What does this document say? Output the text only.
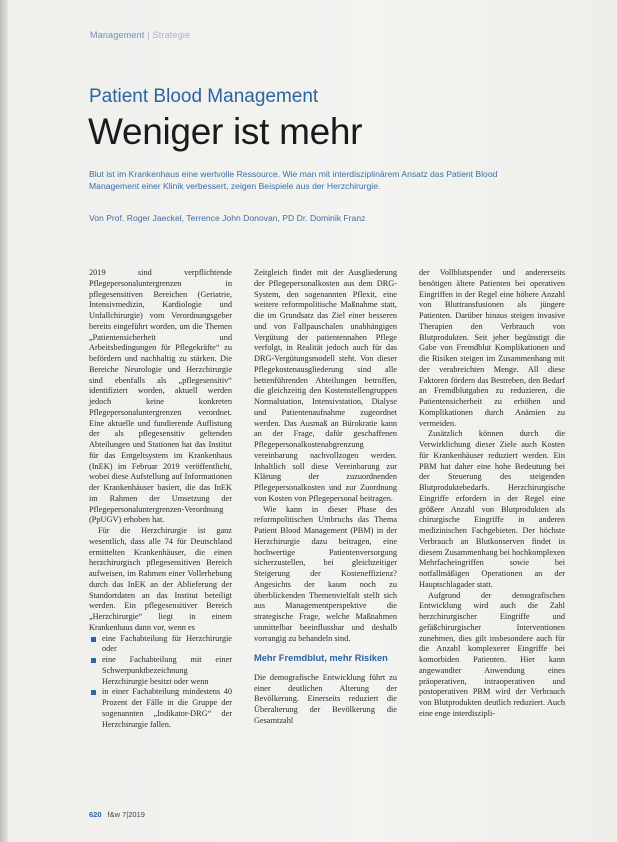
Management | Strategie
Patient Blood Management
Weniger ist mehr
Blut ist im Krankenhaus eine wertvolle Ressource. Wie man mit interdisziplinärem Ansatz das Patient Blood Management einer Klinik verbessert, zeigen Beispiele aus der Herzchirurgie.
Von Prof. Roger Jaeckel, Terrence John Donovan, PD Dr. Dominik Franz

2019 sind verpflichtende Pflegepersonaluntergrenzen in pflegesensitiven Bereichen (Geriatrie, Intensivmedizin, Kardiologie und Unfallchirurgie) vom Verordnungsgeber bereits eingeführt worden, um die Themen „Patientensicherheit und Arbeitsbedingungen für Pflegekräfte“ zu befördern und nachhaltig zu stärken. Die Bereiche Neurologie und Herzchirurgie sind ebenfalls als „pflegesensitiv“ identifiziert worden, aktuell werden jedoch keine konkreten Pflegepersonaluntergrenzen verordnet. Eine aktuelle und fundierende Auflistung der als pflegesensitiv geltenden Abteilungen und Stationen hat das Institut für das Entgeltsystem im Krankenhaus (InEK) im Februar 2019 veröffentlicht, wobei diese Aufstellung auf Informationen der Krankenhäuser basiert, die das InEK im Rahmen der Umsetzung der Pflegepersonaluntergrenzen-Verordnung (PpUGV) erhoben hat.

Für die Herzchirurgie ist ganz wesentlich, dass alle 74 für Deutschland ermittelten Krankenhäuser, die einen herzchirurgisch pflegesensitiven Bereich aufweisen, im Rahmen einer Vollerhebung durch das InEK an der Ablieferung der Standortdaten an das Institut beteiligt werden. Ein pflegesensitiver Bereich „Herzchirurgie“ liegt in einem Krankenhaus dann vor, wenn es

eine Fachabteilung für Herzchirurgie oder
eine Fachabteilung mit einer Schwerpunktbezeichnung Herzchirurgie besitzt oder wenn
in einer Fachabteilung mindestens 40 Prozent der Fälle in die Gruppe der sogenannten „Indikator-DRG“ der Herzchirurgie fallen.

Zeitgleich findet mit der Ausgliederung der Pflegepersonalkosten aus dem DRG-System, den sogenannten Pflexit, eine weitere reformpolitische Maßnahme statt, die im Grundsatz das Ziel einer besseren und von Fallpauschalen unabhängigen Vergütung der patientennahen Pflege verfolgt, in Realität jedoch auch für das DRG-Vergütungsmodell steht. Von dieser Pflegekostenausgliederung sind alle bettenführenden Abteilungen betroffen, die gleichzeitig den Kostenstellengruppen Normalstation, Intensivstation, Dialyse und Patientenaufnahme zugeordnet werden. Das Ausmaß an Bürokratie kann an der Frage, dafür geschaffenen Pflegepersonalkostenabgrenzung vereinbarung nachvollzogen werden. Inhaltlich soll diese Vereinbarung zur Klärung der zuzuordnenden Pflegepersonalkosten und zur Zuordnung von Kosten von Pflegepersonal beitragen.

Wie kann in dieser Phase des reformpolitischen Umbruchs das Thema Patient Blood Management (PBM) in der Herzchirurgie dazu beitragen, eine hochwertige Patientenversorgung sicherzustellen, bei gleichzeitiger Steigerung der Kosteneffizienz? Angesichts der kaum noch zu überblickenden Themenvielfalt stellt sich aus Managementperspektive die strategische Frage, welche Maßnahmen unmittelbar beeinflussbar und deshalb vorrangig zu behandeln sind.

Mehr Fremdblut, mehr Risiken

Die demografische Entwicklung führt zu einer deutlichen Alterung der Bevölkerung. Einerseits reduziert die Überalterung der Bevölkerung die Gesamtzahl

der Vollblutspender und andererseits benötigen ältere Patienten bei operativen Eingriffen in der Regel eine höhere Anzahl von Bluttransfusionen als jüngere Patienten. Darüber hinaus steigen invasive Therapien den Verbrauch von Blutprodukten. Seit jeher begünstigt die Gabe von Fremdblut Komplikationen und die Risiken steigen im Zusammenhang mit der verabreichten Menge. All diese Faktoren fördern das Bestreben, den Bedarf an Fremdblutgaben zu reduzieren, die Patientensicherheit zu erhöhen und Komplikationen durch Anämien zu vermeiden.

Zusätzlich können durch die Verwirklichung dieser Ziele auch Kosten für Krankenhäuser reduziert werden. Ein PBM hat daher eine hohe Bedeutung bei der Steuerung des steigenden Blutproduktebedarfs. Herzchirurgische Eingriffe erfordern in der Regel eine größere Anzahl von Blutprodukten als chirurgische Eingriffe in anderen medizinischen Fachgebieten. Der höchste Verbrauch an Blutkonserven findet in diesem Zusammenhang bei hochkomplexen Mehrfacheingriffen sowie bei notfallmäßigen Operationen an der Hauptschlagader statt.

Aufgrund der demografischen Entwicklung wird auch die Zahl herzchirurgischer Eingriffe und gefäßchirurgischer Interventionen zunehmen, dies gilt insbesondere auch für die Anzahl komplexerer Eingriffe bei komorbiden Patienten. Hier kann angewandter Anwendung eines präoperativen, intraoperativen und postoperativen PBM wird der Verbrauch von Blutprodukten deutlich reduziert. Auch eine enge interdiszipli-

620 f&w 7|2019
